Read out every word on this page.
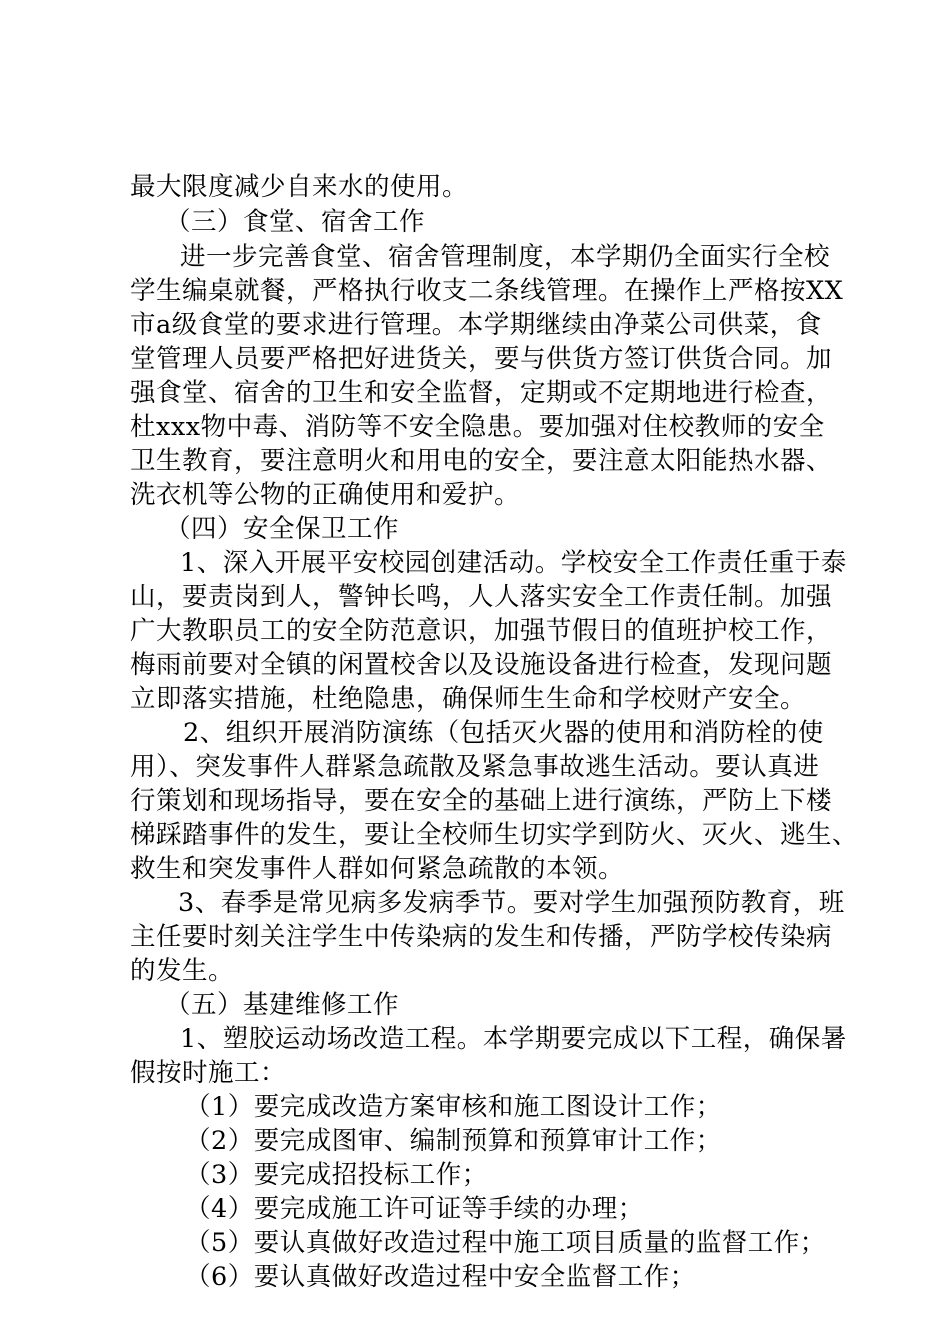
最大限度减少自来水的使用。
（三）食堂、宿舍工作
进一步完善食堂、宿舍管理制度，本学期仍全面实行全校
学生编桌就餐，严格执行收支二条线管理。在操作上严格按XX
市a级食堂的要求进行管理。本学期继续由净菜公司供菜，食
堂管理人员要严格把好进货关，要与供货方签订供货合同。加
强食堂、宿舍的卫生和安全监督，定期或不定期地进行检查，
杜xxx物中毒、消防等不安全隐患。要加强对住校教师的安全
卫生教育，要注意明火和用电的安全，要注意太阳能热水器、
洗衣机等公物的正确使用和爱护。
（四）安全保卫工作
1、深入开展平安校园创建活动。学校安全工作责任重于泰
山，要责岗到人，警钟长鸣，人人落实安全工作责任制。加强
广大教职员工的安全防范意识，加强节假日的值班护校工作，
梅雨前要对全镇的闲置校舍以及设施设备进行检查，发现问题
立即落实措施，杜绝隐患，确保师生生命和学校财产安全。
2、组织开展消防演练（包括灭火器的使用和消防栓的使
用）、突发事件人群紧急疏散及紧急事故逃生活动。要认真进
行策划和现场指导，要在安全的基础上进行演练，严防上下楼
梯踩踏事件的发生，要让全校师生切实学到防火、灭火、逃生、
救生和突发事件人群如何紧急疏散的本领。
3、春季是常见病多发病季节。要对学生加强预防教育，班
主任要时刻关注学生中传染病的发生和传播，严防学校传染病
的发生。
（五）基建维修工作
1、塑胶运动场改造工程。本学期要完成以下工程，确保暑
假按时施工：
（1）要完成改造方案审核和施工图设计工作；
（2）要完成图审、编制预算和预算审计工作；
（3）要完成招投标工作；
（4）要完成施工许可证等手续的办理；
（5）要认真做好改造过程中施工项目质量的监督工作；
（6）要认真做好改造过程中安全监督工作；
